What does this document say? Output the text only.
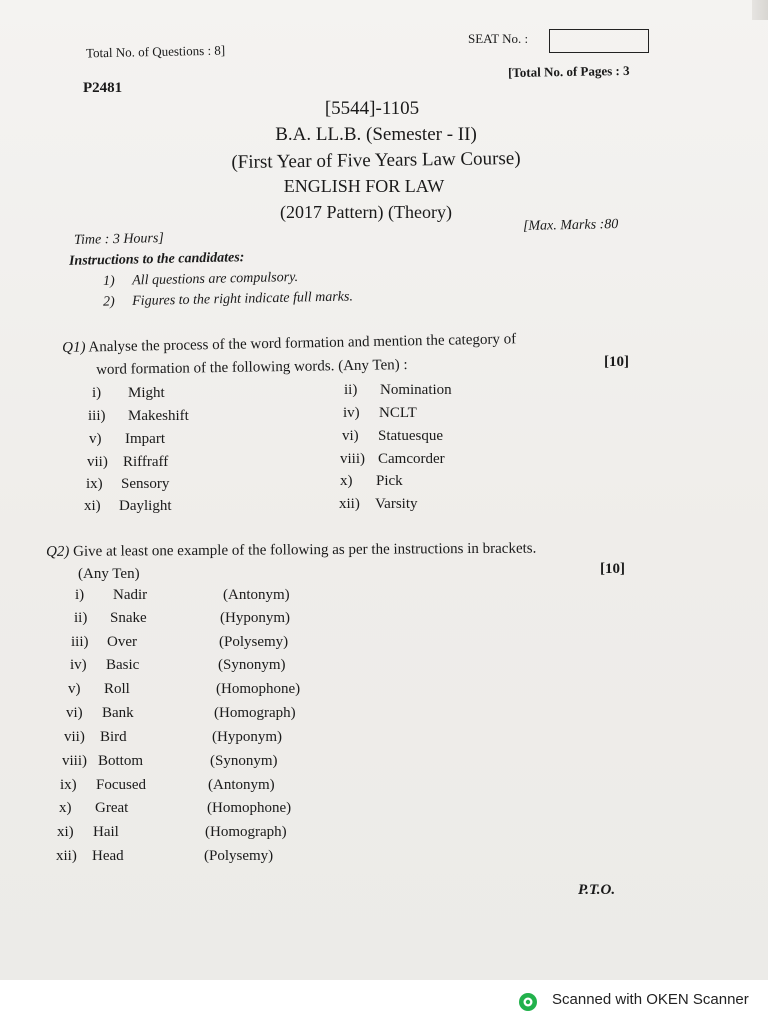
Total No. of Questions : 8]
SEAT No. :
P2481
[Total No. of Pages : 3
[5544]-1105
B.A. LL.B. (Semester - II)
(First Year of Five Years Law Course)
ENGLISH FOR LAW
(2017 Pattern) (Theory)
Time : 3 Hours]
[Max. Marks :80
Instructions to the candidates:
1) All questions are compulsory.
2) Figures to the right indicate full marks.
Q1) Analyse the process of the word formation and mention the category of
word formation of the following words. (Any Ten) :	[10]
i) Might
iii) Makeshift
v) Impart
vii) Riffraff
ix) Sensory
xi) Daylight
ii) Nomination
iv) NCLT
vi) Statuesque
viii) Camcorder
x) Pick
xii) Varsity
Q2) Give at least one example of the following as per the instructions in brackets.
(Any Ten)	[10]
i) Nadir	(Antonym)
ii) Snake	(Hyponym)
iii) Over	(Polysemy)
iv) Basic	(Synonym)
v) Roll	(Homophone)
vi) Bank	(Homograph)
vii) Bird	(Hyponym)
viii) Bottom	(Synonym)
ix) Focused	(Antonym)
x) Great	(Homophone)
xi) Hail	(Homograph)
xii) Head	(Polysemy)
P.T.O.
Scanned with OKEN Scanner
